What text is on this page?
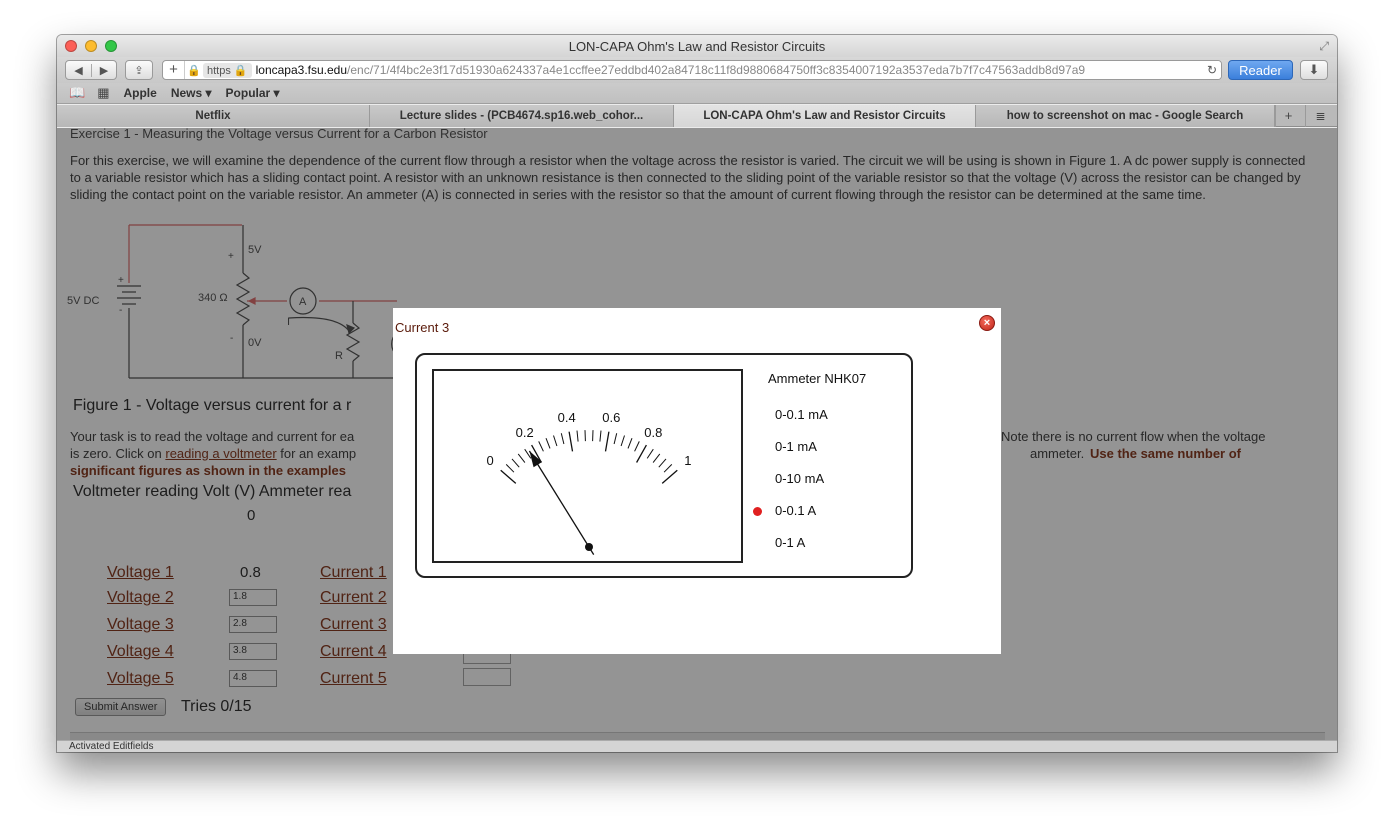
LON-CAPA Ohm's Law and Resistor Circuits	⤢
◀	▶	⇪	+ 🔒 https 🔒 loncapa3.fsu.edu /enc/71/4f4bc2e3f17d51930a624337a4e1ccffee27eddbd402a84718c11f8d9880684750ff3c8354007192a3537eda7b7f7c47563addb8d97a9	↻	Reader	⬇
📖 ▦ Apple News ▾ Popular ▾
Netflix	Lecture slides - (PCB4674.sp16.web_cohor...	LON-CAPA Ohm's Law and Resistor Circuits	how to screenshot on mac - Google Search	+	≣
Exercise 1 - Measuring the Voltage versus Current for a Carbon Resistor
For this exercise, we will examine the dependence of the current flow through a resistor when the voltage across the resistor is varied. The circuit we will be using is shown in Figure 1. A dc power supply is connected to a variable resistor which has a sliding contact point. A resistor with an unknown resistance is then connected to the sliding point of the variable resistor so that the voltage (V) across the resistor can be changed by sliding the contact point on the variable resistor. An ammeter (A) is connected in series with the resistor so that the amount of current flowing through the resistor can be determined at the same time.
5V DC
+
-
340 Ω
5V
+
- 0V
A
I
R
Figure 1 - Voltage versus current for a r
Your task is to read the voltage and current for ea	Note there is no current flow when the voltage
is zero. Click on reading a voltmeter for an examp	ammeter. Use the same number of
significant figures as shown in the examples
Voltmeter reading Volt (V) Ammeter rea
0
Voltage 1	0.8	Current 1
Voltage 2	1.8	Current 2
Voltage 3	2.8	Current 3
Voltage 4	3.8	Current 4
Voltage 5	4.8	Current 5
Submit Answer	Tries 0/15
Current 3	×
0
0.2
0.4 0.6
0.8
1
Ammeter NHK07
0-0.1 mA
0-1 mA
0-10 mA
0-0.1 A
0-1 A
Activated Editfields
